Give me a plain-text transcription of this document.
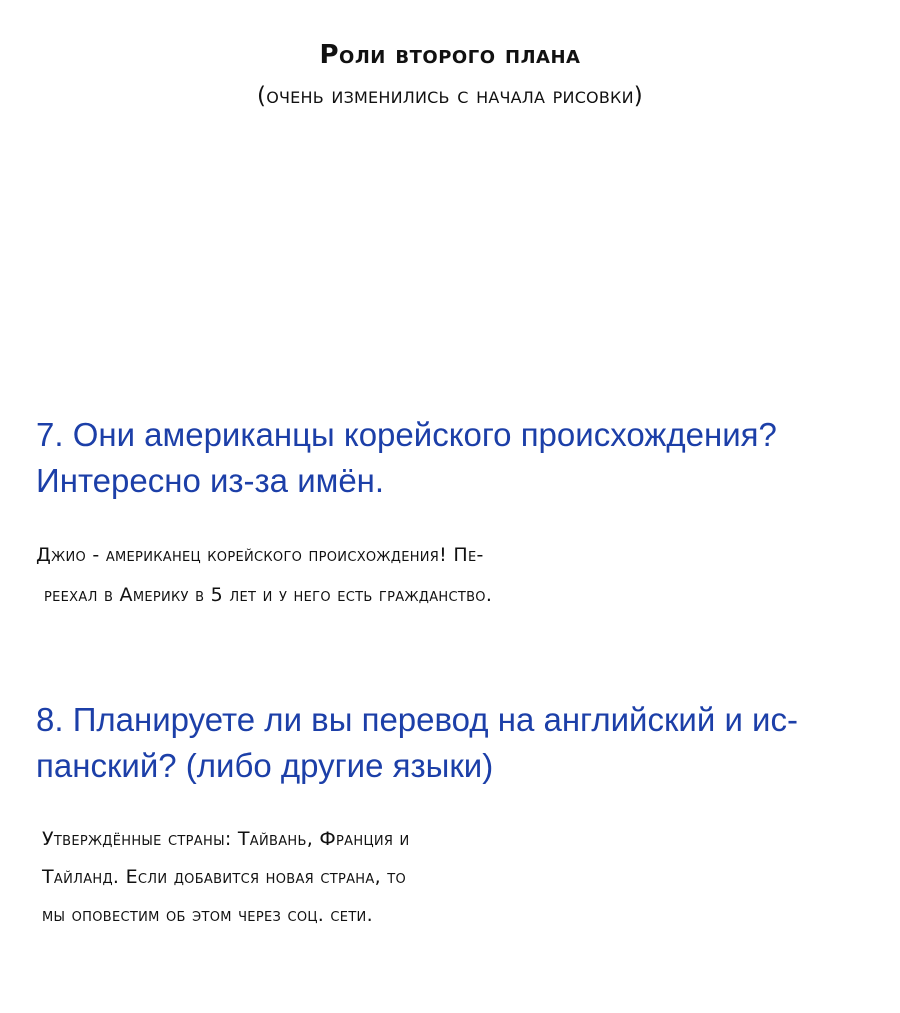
Роли второго плана
(очень изменились с начала рисовки)
7. Они американцы корейского происхождения?
Интересно из-за имён.
Джио - американец корейского происхождения! Пе-
реехал в Америку в 5 лет и у него есть гражданство.
8. Планируете ли вы перевод на английский и ис-
панский? (либо другие языки)
Утверждённые страны: Тайвань, Франция и
Тайланд. Если добавится новая страна, то
мы оповестим об этом через соц. сети.
